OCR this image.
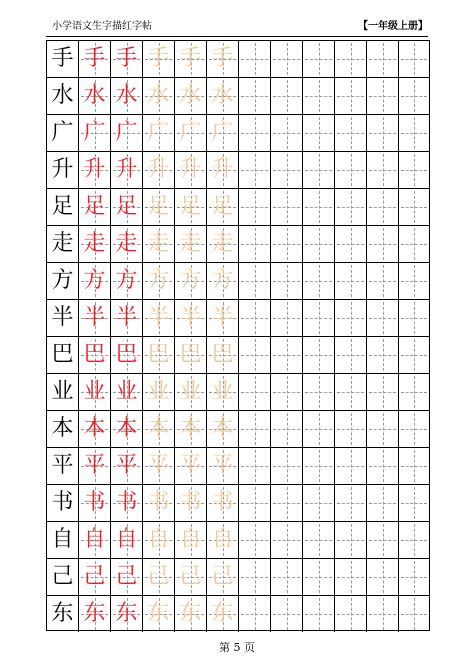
小学语文生字描红字帖	【一年级上册】
手 手 手 手 手 手
水 水 水 水 水 水
广 广 广 广 广 广
升 升 升 升 升 升
足 足 足 足 足 足
走 走 走 走 走 走
方 方 方 方 方 方
半 半 半 半 半 半
巴 巴 巴 巴 巴 巴
业 业 业 业 业 业
本 本 本 本 本 本
平 平 平 平 平 平
书 书 书 书 书 书
自 自 自 自 自 自
己 己 己 己 己 己
东 东 东 东 东 东
第 5 页
